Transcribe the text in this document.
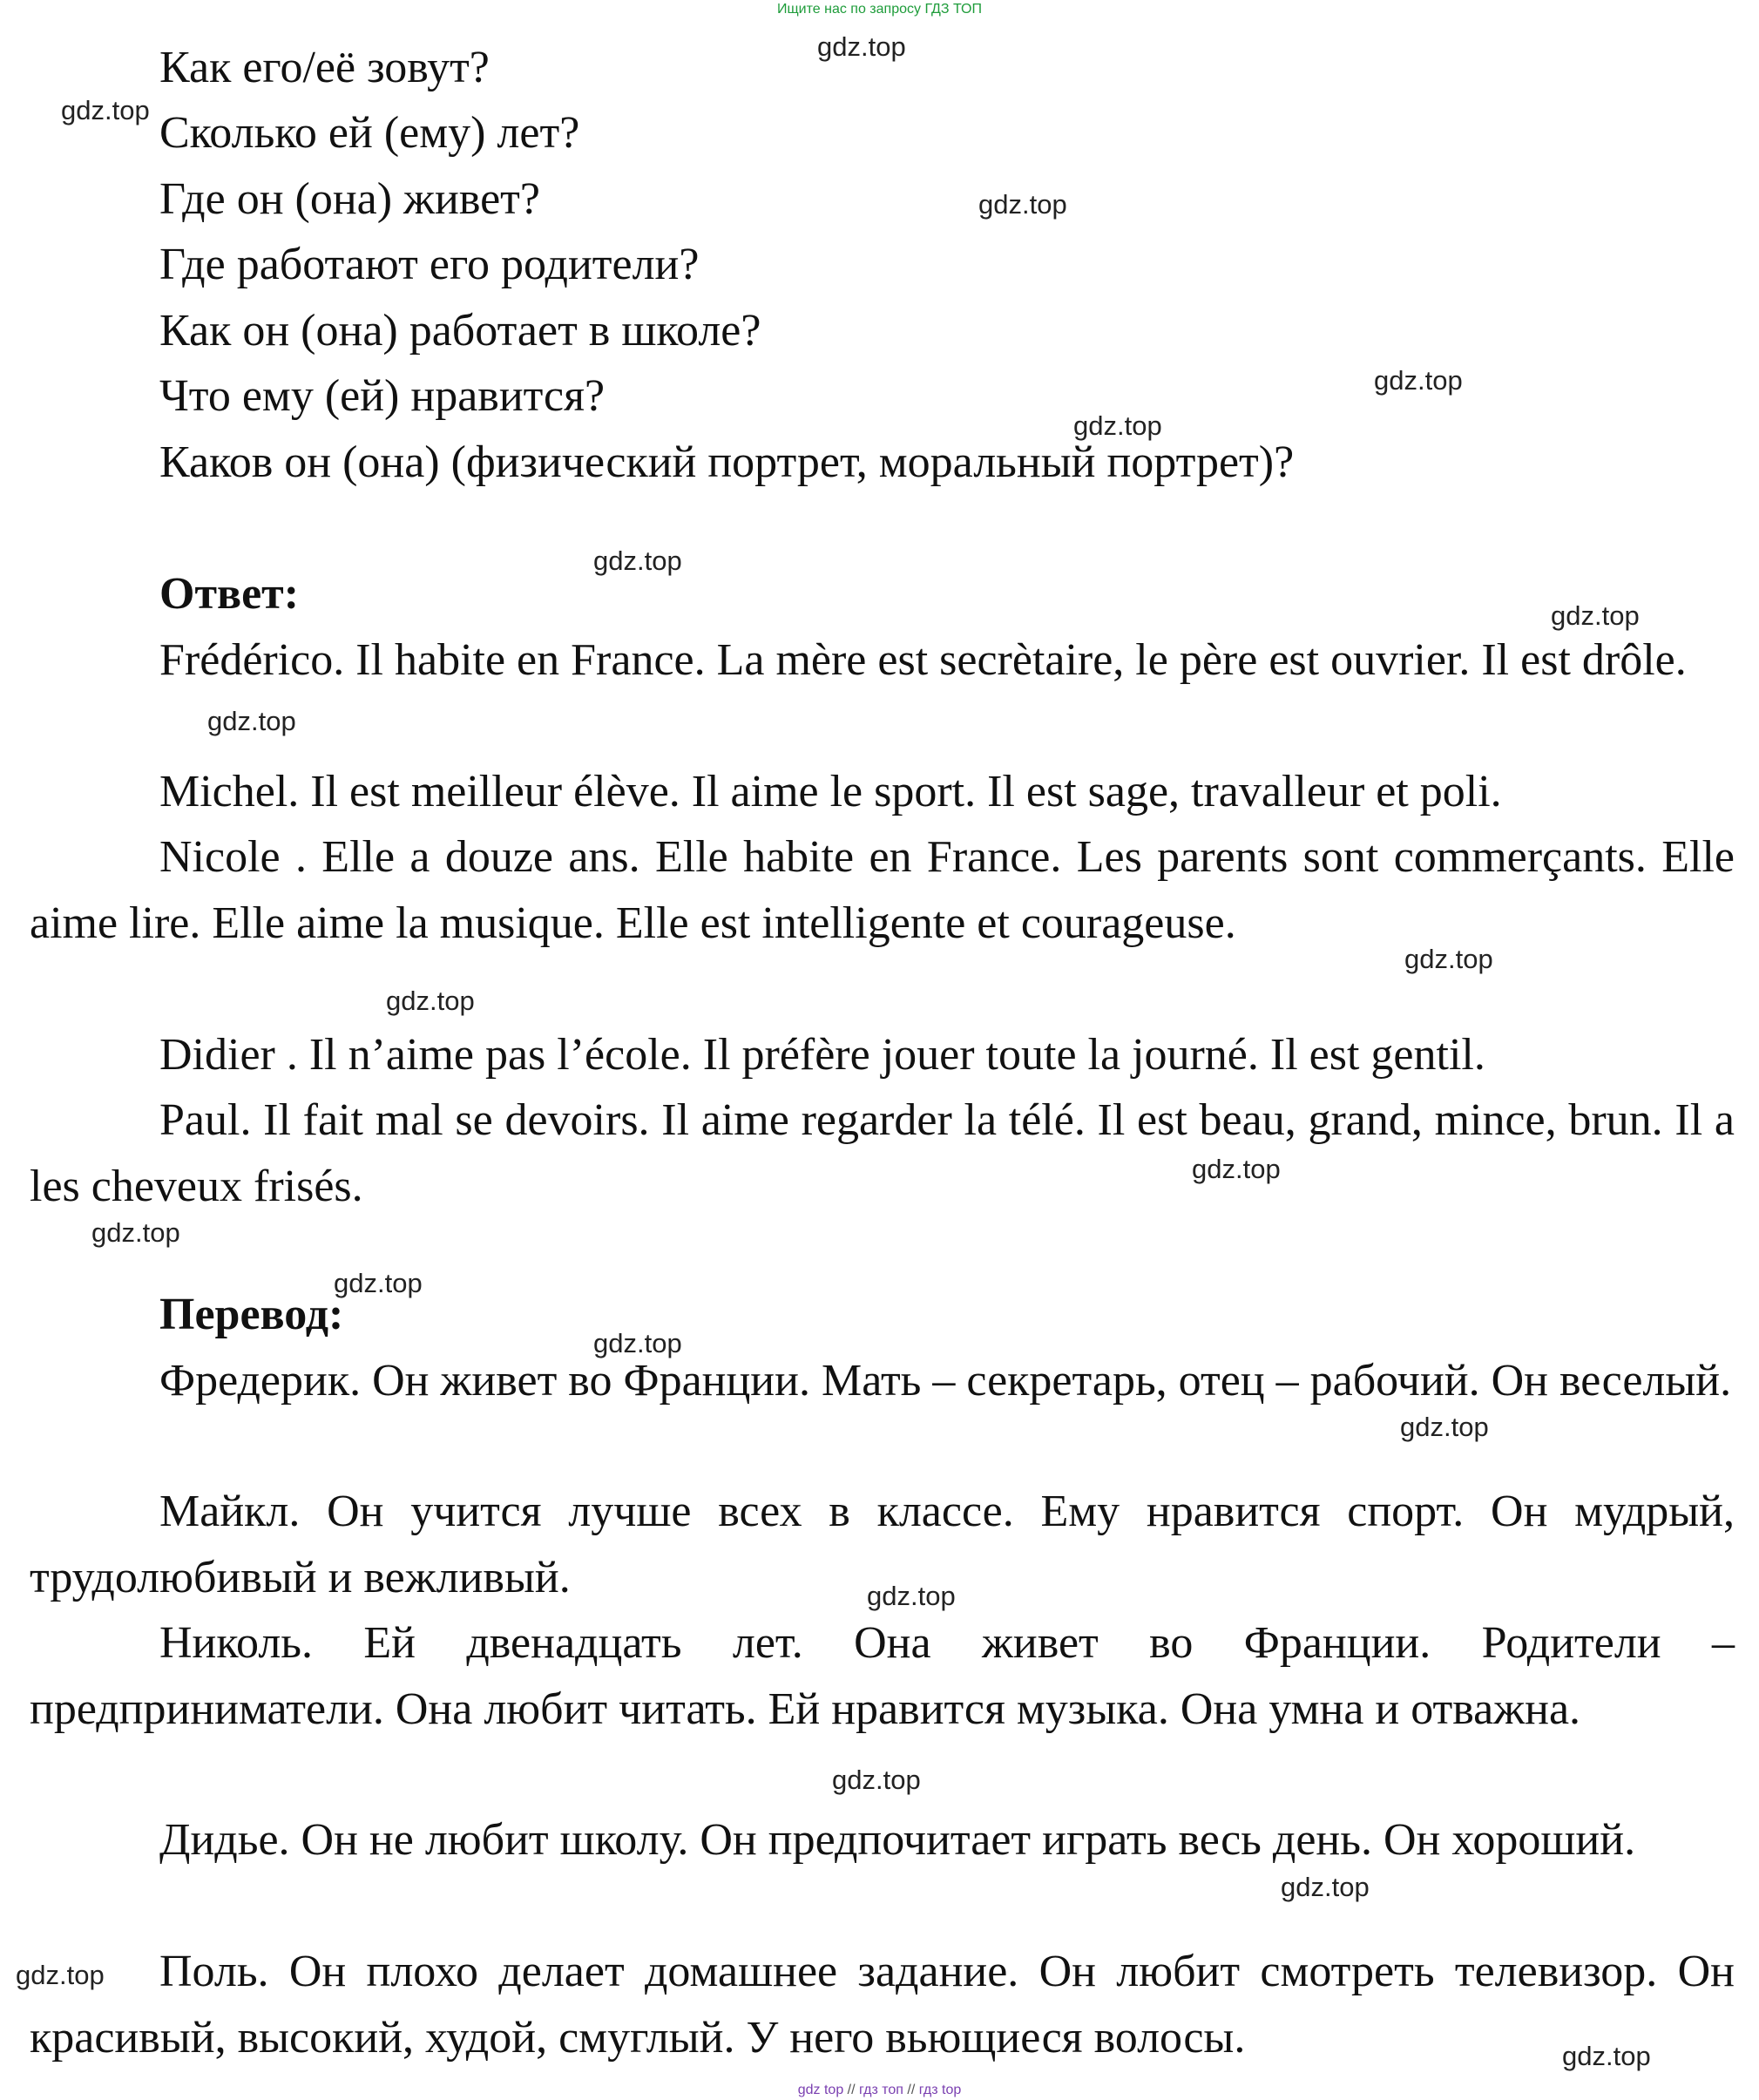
Ищите нас по запросу ГДЗ ТОП
Как его/её зовут?
Сколько ей (ему) лет?
Где он (она) живет?
Где работают его родители?
Как он (она) работает в школе?
Что ему (ей) нравится?
Каков он (она) (физический портрет, моральный портрет)?
Ответ:
Frédérico. Il habite en France. La mère est secrètaire, le père est ouvrier. Il est drôle.
Michel. Il est meilleur élève. Il aime le sport. Il est sage, travalleur et poli.
Nicole . Elle a douze ans. Elle habite en France. Les parents sont commerçants. Elle aime lire. Elle aime la musique. Elle est intelligente et courageuse.
Didier . Il n’aime pas l’école. Il préfère jouer toute la journé. Il est gentil.
Paul. Il fait mal se devoirs. Il aime regarder la télé. Il est beau, grand, mince, brun. Il a les cheveux frisés.
Перевод:
Фредерик. Он живет во Франции. Мать – секретарь, отец – рабочий. Он веселый.
Майкл. Он учится лучше всех в классе. Ему нравится спорт. Он мудрый, трудолюбивый и вежливый.
Николь. Ей двенадцать лет. Она живет во Франции. Родители – предприниматели. Она любит читать. Ей нравится музыка. Она умна и отважна.
Дидье. Он не любит школу. Он предпочитает играть весь день. Он хороший.
Поль. Он плохо делает домашнее задание. Он любит смотреть телевизор. Он красивый, высокий, худой, смуглый. У него вьющиеся волосы.
gdz.top
gdz.top
gdz.top
gdz.top
gdz.top
gdz.top
gdz.top
gdz.top
gdz.top
gdz.top
gdz.top
gdz.top
gdz.top
gdz.top
gdz.top
gdz.top
gdz.top
gdz.top
gdz.top
gdz.top
gdz top // гдз топ // гдз top
